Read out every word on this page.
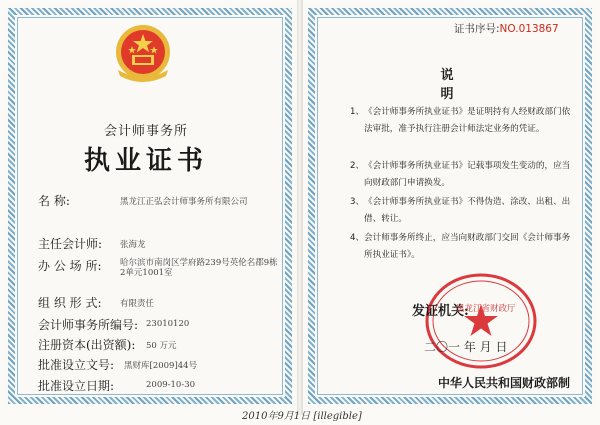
会计师事务所
执业证书
名 称:	黑龙江正弘会计师事务所有限公司
主任会计师: 张海龙
办 公 场 所: 哈尔滨市南岗区学府路239号英伦名郡9栋2单元1001室
组 织 形 式: 有限责任
会计师事务所编号: 23010120
注册资本(出资额): 50 万元
批准设立文号: 黑财库[2009]44号
批准设立日期:	2009-10-30
2010年9月1日 [illegible]
证书序号:NO.013867
说 明
1、 《会计师事务所执业证书》是证明持有人经财政部门依法审批，准予执行注册会计师法定业务的凭证。
2、 《会计师事务所执业证书》记载事项发生变动的，应当向财政部门申请换发。
3、 《会计师事务所执业证书》不得伪造、涂改、出租、出借、转让。
4、 会计师事务所终止，应当向财政部门交回《会计师事务所执业证书》。
发证机关:
黑龙江省财政厅
二〇一 年 月 日
中华人民共和国财政部制
